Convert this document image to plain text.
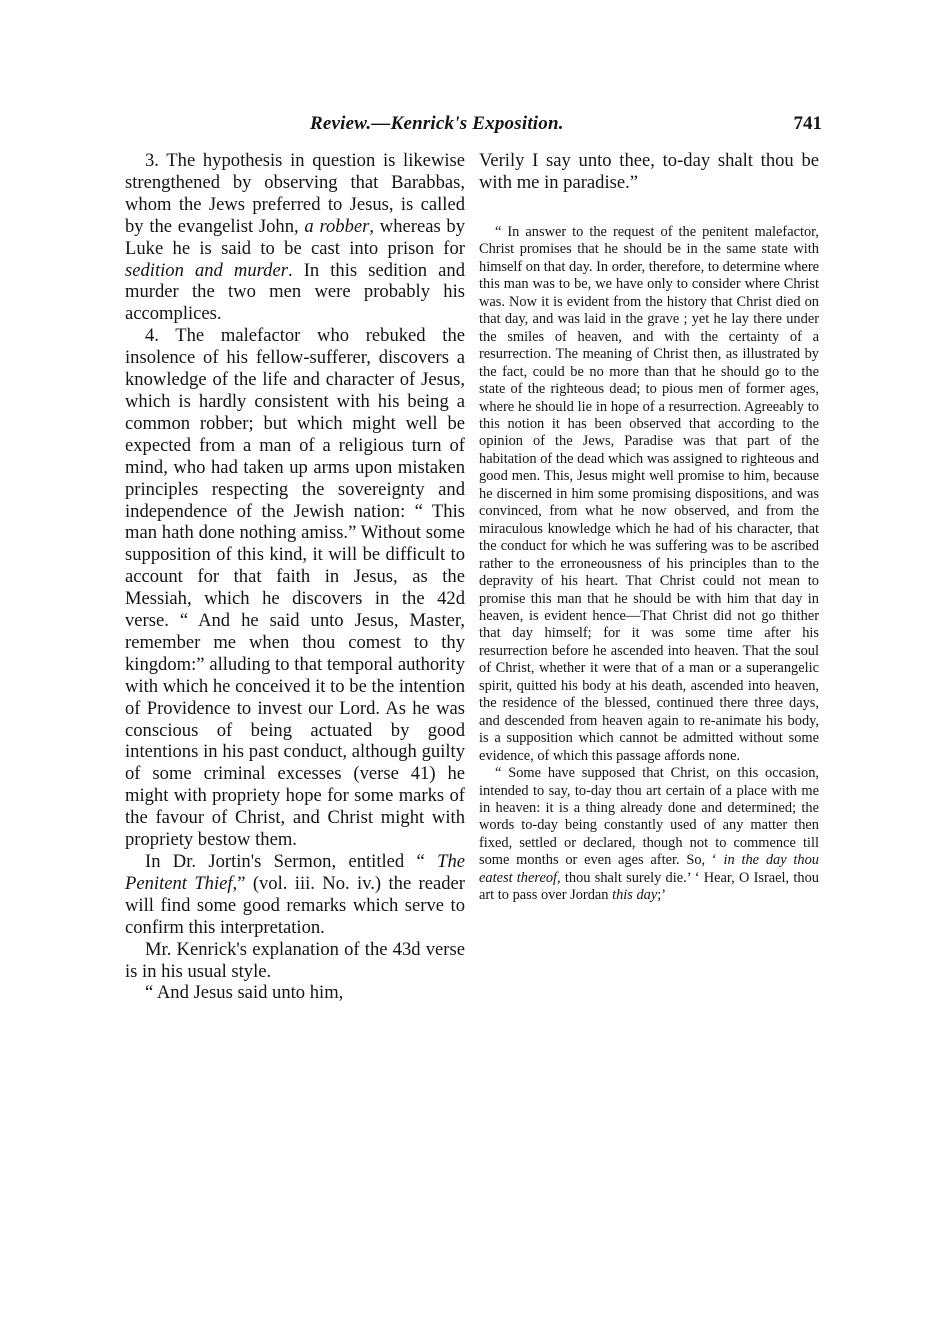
Review.—Kenrick's Exposition.	741

3. The hypothesis in question is likewise strengthened by observing that Barabbas, whom the Jews preferred to Jesus, is called by the evangelist John, a robber, whereas by Luke he is said to be cast into prison for sedition and murder. In this sedition and murder the two men were probably his accomplices.

4. The malefactor who rebuked the insolence of his fellow-sufferer, discovers a knowledge of the life and character of Jesus, which is hardly consistent with his being a common robber; but which might well be expected from a man of a religious turn of mind, who had taken up arms upon mistaken principles respecting the sovereignty and independence of the Jewish nation: “ This man hath done nothing amiss.” Without some supposition of this kind, it will be difficult to account for that faith in Jesus, as the Messiah, which he discovers in the 42d verse. “ And he said unto Jesus, Master, remember me when thou comest to thy kingdom:” alluding to that temporal authority with which he conceived it to be the intention of Providence to invest our Lord. As he was conscious of being actuated by good intentions in his past conduct, although guilty of some criminal excesses (verse 41) he might with propriety hope for some marks of the favour of Christ, and Christ might with propriety bestow them.

In Dr. Jortin's Sermon, entitled “ The Penitent Thief,” (vol. iii. No. iv.) the reader will find some good remarks which serve to confirm this interpretation.

Mr. Kenrick's explanation of the 43d verse is in his usual style.

“ And Jesus said unto him,

Verily I say unto thee, to-day shalt thou be with me in paradise.”

“ In answer to the request of the penitent malefactor, Christ promises that he should be in the same state with himself on that day. In order, therefore, to determine where this man was to be, we have only to consider where Christ was. Now it is evident from the history that Christ died on that day, and was laid in the grave ; yet he lay there under the smiles of heaven, and with the certainty of a resurrection. The meaning of Christ then, as illustrated by the fact, could be no more than that he should go to the state of the righteous dead; to pious men of former ages, where he should lie in hope of a resurrection. Agreeably to this notion it has been observed that according to the opinion of the Jews, Paradise was that part of the habitation of the dead which was assigned to righteous and good men. This, Jesus might well promise to him, because he discerned in him some promising dispositions, and was convinced, from what he now observed, and from the miraculous knowledge which he had of his character, that the conduct for which he was suffering was to be ascribed rather to the erroneousness of his principles than to the depravity of his heart. That Christ could not mean to promise this man that he should be with him that day in heaven, is evident hence—That Christ did not go thither that day himself; for it was some time after his resurrection before he ascended into heaven. That the soul of Christ, whether it were that of a man or a superangelic spirit, quitted his body at his death, ascended into heaven, the residence of the blessed, continued there three days, and descended from heaven again to re-animate his body, is a supposition which cannot be admitted without some evidence, of which this passage affords none.

“ Some have supposed that Christ, on this occasion, intended to say, to-day thou art certain of a place with me in heaven: it is a thing already done and determined; the words to-day being constantly used of any matter then fixed, settled or declared, though not to commence till some months or even ages after. So, ‘ in the day thou eatest thereof, thou shalt surely die.’ ‘ Hear, O Israel, thou art to pass over Jordan this day;’
